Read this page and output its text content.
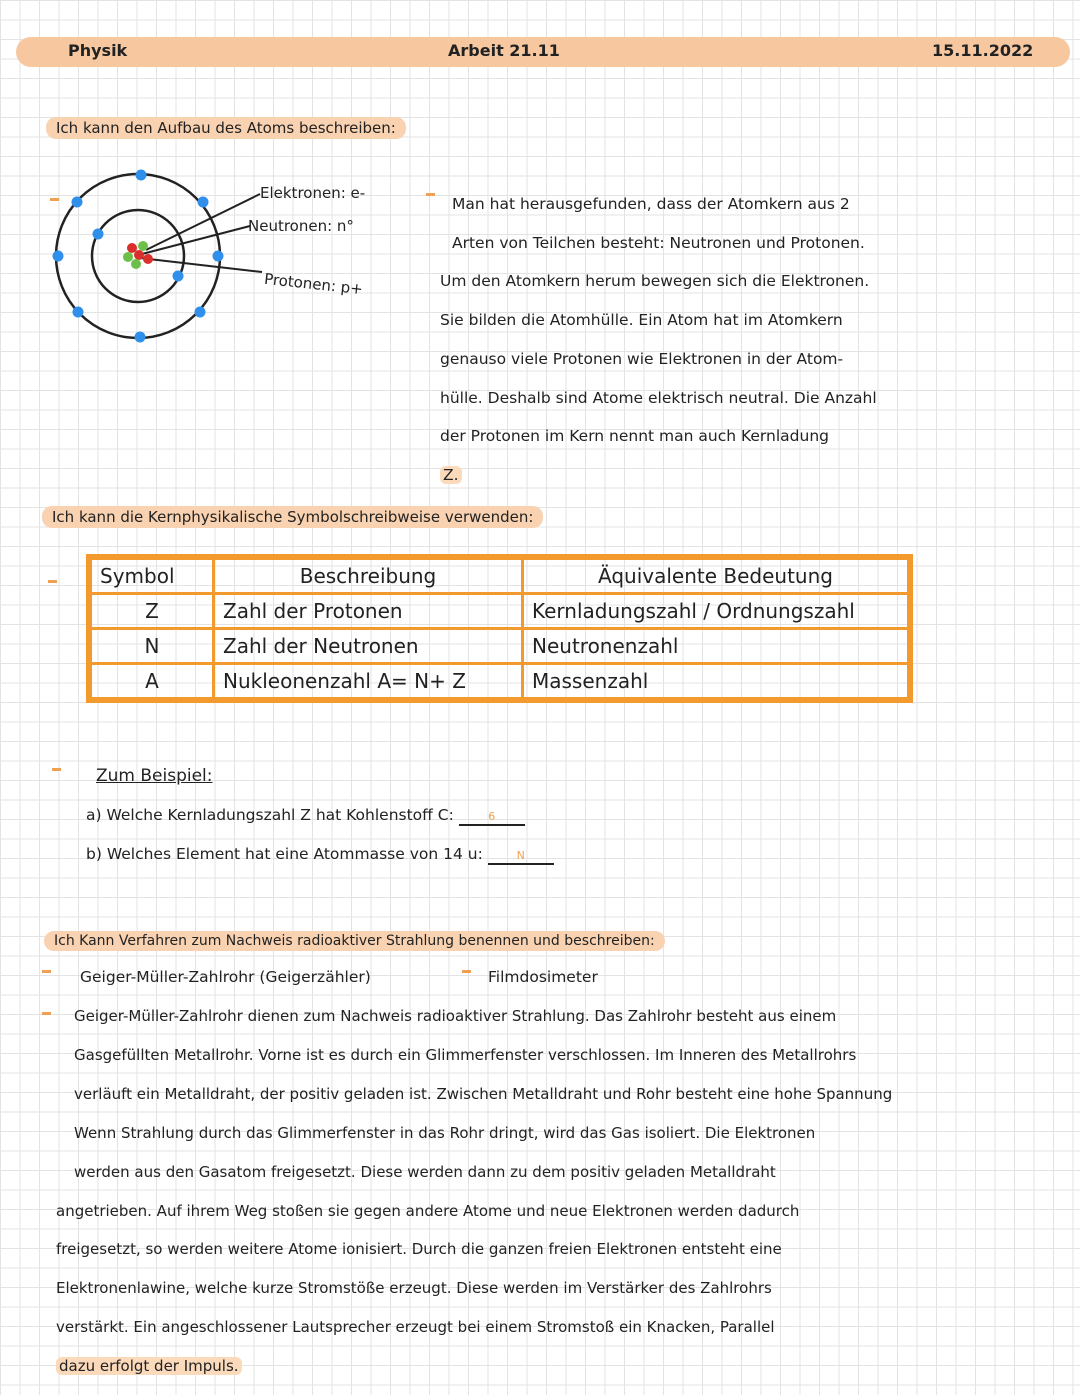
Physik	Arbeit 21.11	15.11.2022
Ich kann den Aufbau des Atoms beschreiben:
Elektronen: e-
Neutronen: n°
Protonen: p+
Man hat herausgefunden, dass der Atomkern aus 2
Arten von Teilchen besteht: Neutronen und Protonen.
Um den Atomkern herum bewegen sich die Elektronen.
Sie bilden die Atomhülle. Ein Atom hat im Atomkern
genauso viele Protonen wie Elektronen in der Atom-
hülle. Deshalb sind Atome elektrisch neutral. Die Anzahl
der Protonen im Kern nennt man auch Kernladung
Z.
Ich kann die Kernphysikalische Symbolschreibweise verwenden:
Symbol	Beschreibung	Äquivalente Bedeutung
Z	Zahl der Protonen	Kernladungszahl / Ordnungszahl
N	Zahl der Neutronen	Neutronenzahl
A	Nukleonenzahl A= N+ Z	Massenzahl
Zum Beispiel:
a) Welche Kernladungszahl Z hat Kohlenstoff C:	6
b) Welches Element hat eine Atommasse von 14 u:	N
Ich Kann Verfahren zum Nachweis radioaktiver Strahlung benennen und beschreiben:
Geiger-Müller-Zahlrohr (Geigerzähler)	Filmdosimeter
Geiger-Müller-Zahlrohr dienen zum Nachweis radioaktiver Strahlung. Das Zahlrohr besteht aus einem
Gasgefüllten Metallrohr. Vorne ist es durch ein Glimmerfenster verschlossen. Im Inneren des Metallrohrs
verläuft ein Metalldraht, der positiv geladen ist. Zwischen Metalldraht und Rohr besteht eine hohe Spannung
Wenn Strahlung durch das Glimmerfenster in das Rohr dringt, wird das Gas isoliert. Die Elektronen
werden aus den Gasatom freigesetzt. Diese werden dann zu dem positiv geladen Metalldraht
angetrieben. Auf ihrem Weg stoßen sie gegen andere Atome und neue Elektronen werden dadurch
freigesetzt, so werden weitere Atome ionisiert. Durch die ganzen freien Elektronen entsteht eine
Elektronenlawine, welche kurze Stromstöße erzeugt. Diese werden im Verstärker des Zahlrohrs
verstärkt. Ein angeschlossener Lautsprecher erzeugt bei einem Stromstoß ein Knacken, Parallel
dazu erfolgt der Impuls.
